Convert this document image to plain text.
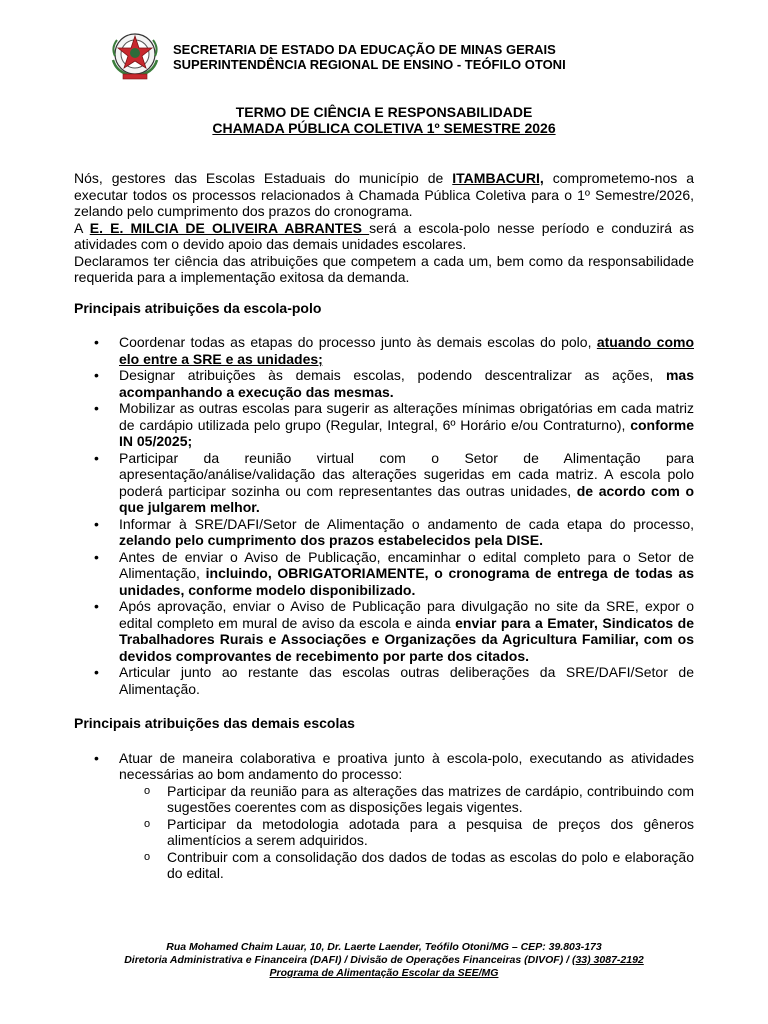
SECRETARIA DE ESTADO DA EDUCAÇÃO DE MINAS GERAIS
SUPERINTENDÊNCIA REGIONAL DE ENSINO - TEÓFILO OTONI
TERMO DE CIÊNCIA E RESPONSABILIDADE
CHAMADA PÚBLICA COLETIVA 1º SEMESTRE 2026

Nós, gestores das Escolas Estaduais do município de ITAMBACURI, comprometemo-nos a executar todos os processos relacionados à Chamada Pública Coletiva para o 1º Semestre/2026, zelando pelo cumprimento dos prazos do cronograma.

A E. E. MILCIA DE OLIVEIRA ABRANTES será a escola-polo nesse período e conduzirá as atividades com o devido apoio das demais unidades escolares.

Declaramos ter ciência das atribuições que competem a cada um, bem como da responsabilidade requerida para a implementação exitosa da demanda.

Principais atribuições da escola-polo

• Coordenar todas as etapas do processo junto às demais escolas do polo, atuando como elo entre a SRE e as unidades;
• Designar atribuições às demais escolas, podendo descentralizar as ações, mas acompanhando a execução das mesmas.
• Mobilizar as outras escolas para sugerir as alterações mínimas obrigatórias em cada matriz de cardápio utilizada pelo grupo (Regular, Integral, 6º Horário e/ou Contraturno), conforme IN 05/2025;
• Participar da reunião virtual com o Setor de Alimentação para apresentação/análise/validação das alterações sugeridas em cada matriz. A escola polo poderá participar sozinha ou com representantes das outras unidades, de acordo com o que julgarem melhor.
• Informar à SRE/DAFI/Setor de Alimentação o andamento de cada etapa do processo, zelando pelo cumprimento dos prazos estabelecidos pela DISE.
• Antes de enviar o Aviso de Publicação, encaminhar o edital completo para o Setor de Alimentação, incluindo, OBRIGATORIAMENTE, o cronograma de entrega de todas as unidades, conforme modelo disponibilizado.
• Após aprovação, enviar o Aviso de Publicação para divulgação no site da SRE, expor o edital completo em mural de aviso da escola e ainda enviar para a Emater, Sindicatos de Trabalhadores Rurais e Associações e Organizações da Agricultura Familiar, com os devidos comprovantes de recebimento por parte dos citados.
• Articular junto ao restante das escolas outras deliberações da SRE/DAFI/Setor de Alimentação.

Principais atribuições das demais escolas

• Atuar de maneira colaborativa e proativa junto à escola-polo, executando as atividades necessárias ao bom andamento do processo:
o Participar da reunião para as alterações das matrizes de cardápio, contribuindo com sugestões coerentes com as disposições legais vigentes.
o Participar da metodologia adotada para a pesquisa de preços dos gêneros alimentícios a serem adquiridos.
o Contribuir com a consolidação dos dados de todas as escolas do polo e elaboração do edital.
Rua Mohamed Chaim Lauar, 10, Dr. Laerte Laender, Teófilo Otoni/MG – CEP: 39.803-173
Diretoria Administrativa e Financeira (DAFI) / Divisão de Operações Financeiras (DIVOF) / (33) 3087-2192
Programa de Alimentação Escolar da SEE/MG
